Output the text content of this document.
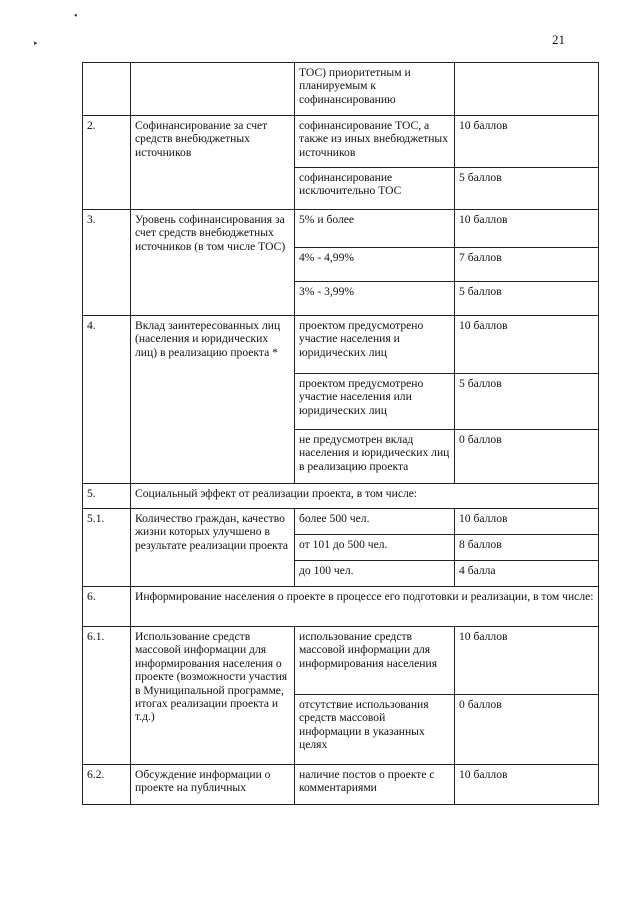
21
•
▸
		ТОС) приоритетным и планируемым к софинансированию	
2.	Софинансирование за счет средств внебюджетных источников	софинансирование ТОС, а также из иных внебюджетных источников	10 баллов
		софинансирование исключительно ТОС	5 баллов
3.	Уровень софинансирования за счет средств внебюджетных источников (в том числе ТОС)	5% и более	10 баллов
		4% - 4,99%	7 баллов
		3% - 3,99%	5 баллов
4.	Вклад заинтересованных лиц (населения и юридических лиц) в реализацию проекта *	проектом предусмотрено участие населения и юридических лиц	10 баллов
		проектом предусмотрено участие населения или юридических лиц	5 баллов
		не предусмотрен вклад населения и юридических лиц в реализацию проекта	0 баллов
5.	Социальный эффект от реализации проекта, в том числе:		
5.1.	Количество граждан, качество жизни которых улучшено в результате реализации проекта	более 500 чел.	10 баллов
		от 101 до 500 чел.	8 баллов
		до 100 чел.	4 балла
6.	Информирование населения о проекте в процессе его подготовки и реализации, в том числе:		
6.1.	Использование средств массовой информации для информирования населения о проекте (возможности участия в Муниципальной программе, итогах реализации проекта и т.д.)	использование средств массовой информации для информирования населения	10 баллов
		отсутствие использования средств массовой информации в указанных целях	0 баллов
6.2.	Обсуждение информации о проекте на публичных	наличие постов о проекте с комментариями	10 баллов
